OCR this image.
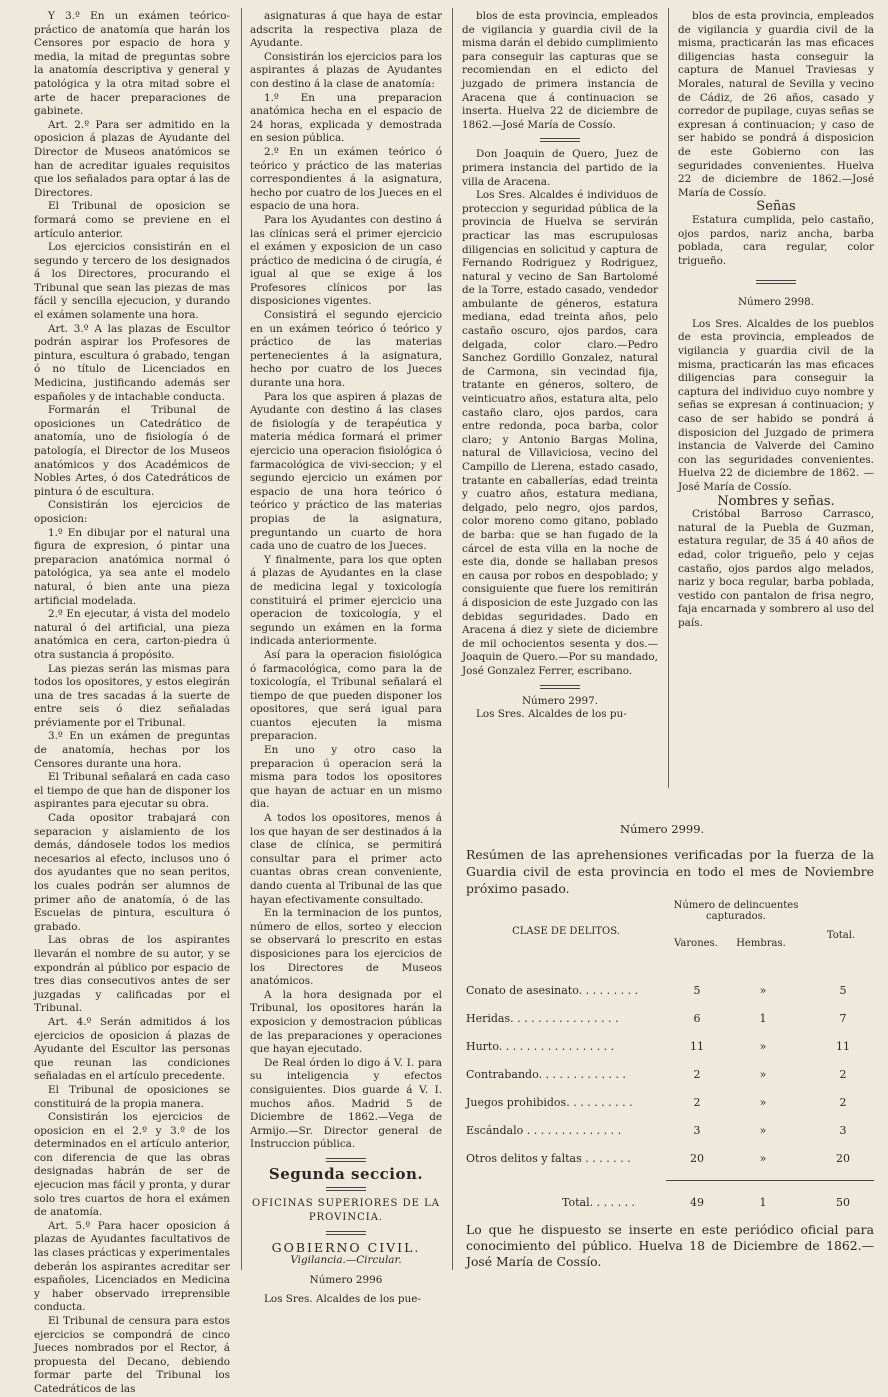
Y 3.º En un exámen teórico-práctico de anatomía que harán los Censores por espacio de hora y media, la mitad de preguntas sobre la anatomía descriptiva y general y patológica y la otra mitad sobre el arte de hacer preparaciones de gabinete.

Art. 2.º Para ser admitido en la oposicion á plazas de Ayudante del Director de Museos anatómicos se han de acreditar iguales requisitos que los señalados para optar á las de Directores.

El Tribunal de oposicion se formará como se previene en el artículo anterior.

Los ejercicios consistirán en el segundo y tercero de los designados á los Directores, procurando el Tribunal que sean las piezas de mas fácil y sencilla ejecucion, y durando el exámen solamente una hora.

Art. 3.º A las plazas de Escultor podrán aspirar los Profesores de pintura, escultura ó grabado, tengan ó no título de Licenciados en Medicina, justificando además ser españoles y de intachable conducta.

Formarán el Tribunal de oposiciones un Catedrático de anatomía, uno de fisiología ó de patología, el Director de los Museos anatómicos y dos Académicos de Nobles Artes, ó dos Catedráticos de pintura ó de escultura.

Consistirán los ejercicios de oposicion:

1.º En dibujar por el natural una figura de expresion, ó pintar una preparacion anatómica normal ó patológica, ya sea ante el modelo natural, ó bien ante una pieza artificial modelada.

2.º En ejecutar, á vista del modelo natural ó del artificial, una pieza anatómica en cera, carton-piedra ú otra sustancia á propósito.

Las piezas serán las mismas para todos los opositores, y estos elegirán una de tres sacadas á la suerte de entre seis ó diez señaladas préviamente por el Tribunal.

3.º En un exámen de preguntas de anatomía, hechas por los Censores durante una hora.

El Tribunal señalará en cada caso el tiempo de que han de disponer los aspirantes para ejecutar su obra.

Cada opositor trabajará con separacion y aislamiento de los demás, dándosele todos los medios necesarios al efecto, inclusos uno ó dos ayudantes que no sean peritos, los cuales podrán ser alumnos de primer año de anatomía, ó de las Escuelas de pintura, escultura ó grabado.

Las obras de los aspirantes llevarán el nombre de su autor, y se expondrán al público por espacio de tres dias consecutivos antes de ser juzgadas y calificadas por el Tribunal.

Art. 4.º Serán admitidos á los ejercicios de oposicion á plazas de Ayudante del Escultor las personas que reunan las condiciones señaladas en el artículo precedente.

El Tribunal de oposiciones se constituirá de la propia manera.

Consistirán los ejercicios de oposicion en el 2.º y 3.º de los determinados en el artículo anterior, con diferencia de que las obras designadas habrán de ser de ejecucion mas fácil y pronta, y durar solo tres cuartos de hora el exámen de anatomía.

Art. 5.º Para hacer oposicion á plazas de Ayudantes facultativos de las clases prácticas y experimentales deberán los aspirantes acreditar ser españoles, Licenciados en Medicina y haber observado irreprensible conducta.

El Tribunal de censura para estos ejercicios se compondrá de cinco Jueces nombrados por el Rector, á propuesta del Decano, debiendo formar parte del Tribunal los Catedráticos de las

asignaturas á que haya de estar adscrita la respectiva plaza de Ayudante.

Consistirán los ejercicios para los aspirantes á plazas de Ayudantes con destino á la clase de anatomía:

1.º En una preparacion anatómica hecha en el espacio de 24 horas, explicada y demostrada en sesion pública.

2.º En un exámen teórico ó teórico y práctico de las materias correspondientes á la asignatura, hecho por cuatro de los Jueces en el espacio de una hora.

Para los Ayudantes con destino á las clínicas será el primer ejercicio el exámen y exposicion de un caso práctico de medicina ó de cirugía, é igual al que se exige á los Profesores clínicos por las disposiciones vigentes.

Consistirá el segundo ejercicio en un exámen teórico ó teórico y práctico de las materias pertenecientes á la asignatura, hecho por cuatro de los Jueces durante una hora.

Para los que aspiren á plazas de Ayudante con destino á las clases de fisiología y de terapéutica y materia médica formará el primer ejercicio una operacion fisiológica ó farmacológica de vivi-seccion; y el segundo ejercicio un exámen por espacio de una hora teórico ó teórico y práctico de las materias propias de la asignatura, preguntando un cuarto de hora cada uno de cuatro de los Jueces.

Y finalmente, para los que opten á plazas de Ayudantes en la clase de medicina legal y toxicología constituirá el primer ejercicio una operacion de toxicología, y el segundo un exámen en la forma indicada anteriormente.

Así para la operacion fisiológica ó farmacológica, como para la de toxicología, el Tribunal señalará el tiempo de que pueden disponer los opositores, que será igual para cuantos ejecuten la misma preparacion.

En uno y otro caso la preparacion ú operacion será la misma para todos los opositores que hayan de actuar en un mismo dia.

A todos los opositores, menos á los que hayan de ser destinados á la clase de clínica, se permitirá consultar para el primer acto cuantas obras crean conveniente, dando cuenta al Tribunal de las que hayan efectivamente consultado.

En la terminacion de los puntos, número de ellos, sorteo y eleccion se observará lo prescrito en estas disposiciones para los ejercicios de los Directores de Museos anatómicos.

A la hora designada por el Tribunal, los opositores harán la exposicion y demostracion públicas de las preparaciones y operaciones que hayan ejecutado.

De Real órden lo digo á V. I. para su inteligencia y efectos consiguientes. Dios guarde á V. I. muchos años. Madrid 5 de Diciembre de 1862.—Vega de Armijo.—Sr. Director general de Instruccion pública.

Segunda seccion.

OFICINAS SUPERIORES DE LA PROVINCIA.

GOBIERNO CIVIL.

Vigilancia.—Circular.

Número 2996

Los Sres. Alcaldes de los pue-

blos de esta provincia, empleados de vigilancia y guardia civil de la misma darán el debido cumplimiento para conseguir las capturas que se recomiendan en el edicto del juzgado de primera instancia de Aracena que á continuacion se inserta. Huelva 22 de diciembre de 1862.—José María de Cossío.

Don Joaquin de Quero, Juez de primera instancia del partido de la villa de Aracena.

Los Sres. Alcaldes é individuos de proteccion y seguridad pública de la provincia de Huelva se servirán practicar las mas escrupulosas diligencias en solicitud y captura de Fernando Rodriguez y Rodriguez, natural y vecino de San Bartolomé de la Torre, estado casado, vendedor ambulante de géneros, estatura mediana, edad treinta años, pelo castaño oscuro, ojos pardos, cara delgada, color claro.—Pedro Sanchez Gordillo Gonzalez, natural de Carmona, sin vecindad fija, tratante en géneros, soltero, de veinticuatro años, estatura alta, pelo castaño claro, ojos pardos, cara entre redonda, poca barba, color claro; y Antonio Bargas Molina, natural de Villaviciosa, vecino del Campillo de Llerena, estado casado, tratante en caballerías, edad treinta y cuatro años, estatura mediana, delgado, pelo negro, ojos pardos, color moreno como gitano, poblado de barba: que se han fugado de la cárcel de esta villa en la noche de este dia, donde se hallaban presos en causa por robos en despoblado; y consiguiente que fuere los remitirán á disposicion de este Juzgado con las debidas seguridades. Dado en Aracena á diez y siete de diciembre de mil ochocientos sesenta y dos.—Joaquin de Quero.—Por su mandado, José Gonzalez Ferrer, escribano.

Número 2997.

Los Sres. Alcaldes de los pu-

blos de esta provincia, empleados de vigilancia y guardia civil de la misma, practicarán las mas eficaces diligencias hasta conseguir la captura de Manuel Traviesas y Morales, natural de Sevilla y vecino de Cádiz, de 26 años, casado y corredor de pupilage, cuyas señas se expresan á continuacion; y caso de ser habido se pondrá á disposicion de este Gobierno con las seguridades convenientes. Huelva 22 de diciembre de 1862.—José María de Cossío.

Señas

Estatura cumplida, pelo castaño, ojos pardos, nariz ancha, barba poblada, cara regular, color trigueño.

Número 2998.

Los Sres. Alcaldes de los pueblos de esta provincia, empleados de vigilancia y guardia civil de la misma, practicarán las mas eficaces diligencias para conseguir la captura del individuo cuyo nombre y señas se expresan á continuacion; y caso de ser habido se pondrá á disposicion del Juzgado de primera instancia de Valverde del Camino con las seguridades convenientes. Huelva 22 de diciembre de 1862. —José María de Cossío.

Nombres y señas.

Cristóbal Barroso Carrasco, natural de la Puebla de Guzman, estatura regular, de 35 á 40 años de edad, color trigueño, pelo y cejas castaño, ojos pardos algo melados, nariz y boca regular, barba poblada, vestido con pantalon de frisa negro, faja encarnada y sombrero al uso del país.

Número 2999.
Resúmen de las aprehensiones verificadas por la fuerza de la Guardia civil de esta provincia en todo el mes de Noviembre próximo pasado.
CLASE DE DELITOS.
Número de delincuentes capturados.
Varones.	Hembras.
Total.
Conato de asesinato. . . . . . . . .	5	»	5
Heridas. . . . . . . . . . . . . . . .	6	1	7
Hurto. . . . . . . . . . . . . . . . .	11	»	11
Contrabando. . . . . . . . . . . . .	2	»	2
Juegos prohibidos. . . . . . . . . .	2	»	2
Escándalo . . . . . . . . . . . . . .	3	»	3
Otros delitos y faltas . . . . . . .	20	»	20
Total. . . . . . .	49	1	50
Lo que he dispuesto se inserte en este periódico oficial para conocimiento del público. Huelva 18 de Diciembre de 1862.—José María de Cossío.
